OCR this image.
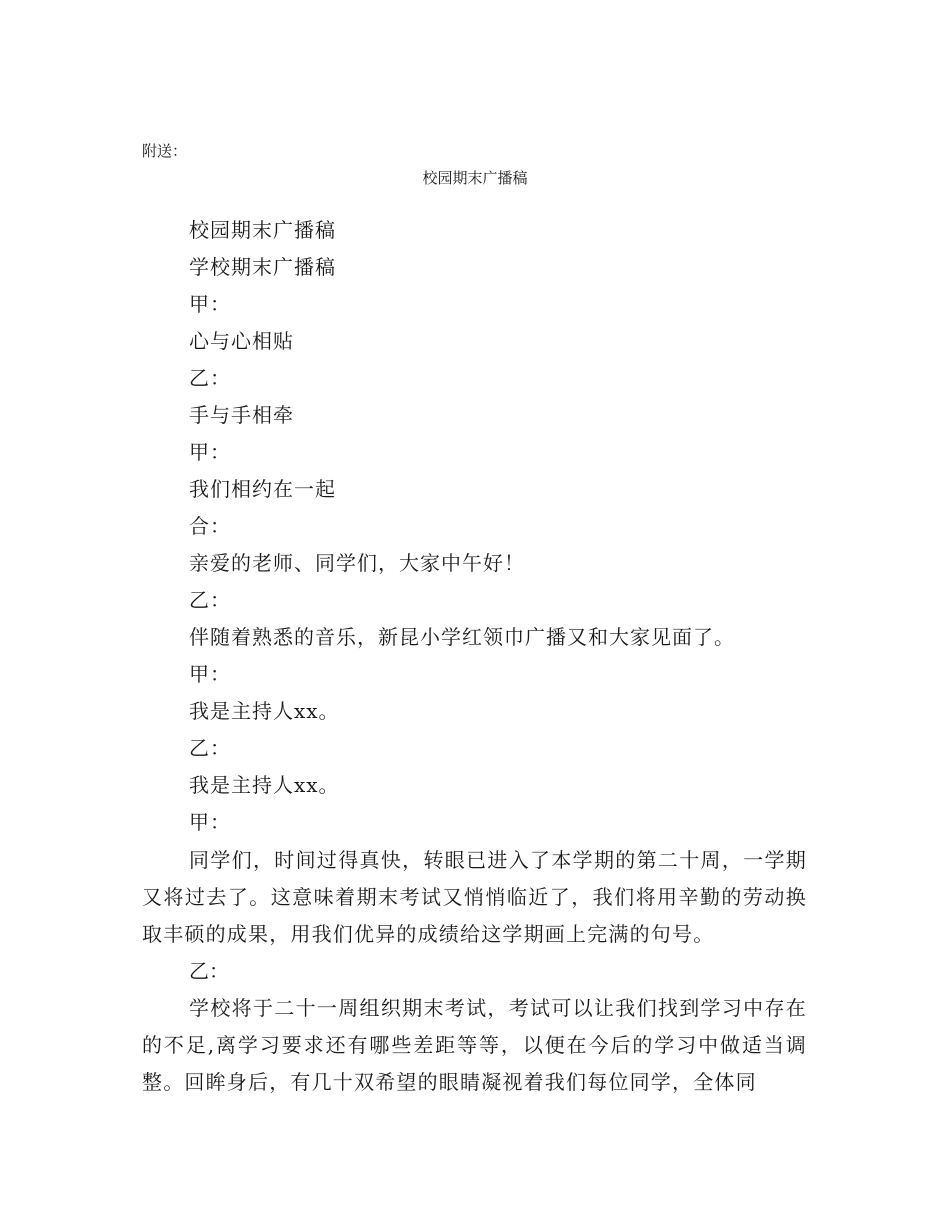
附送：
校园期末广播稿
校园期末广播稿
学校期末广播稿
甲：
心与心相贴
乙：
手与手相牵
甲：
我们相约在一起
合：
亲爱的老师、同学们，大家中午好！
乙：
伴随着熟悉的音乐，新昆小学红领巾广播又和大家见面了。
甲：
我是主持人xx。
乙：
我是主持人xx。
甲：

同学们，时间过得真快，转眼已进入了本学期的第二十周，一学期又将过去了。这意味着期末考试又悄悄临近了，我们将用辛勤的劳动换取丰硕的成果，用我们优异的成绩给这学期画上完满的句号。

乙：

学校将于二十一周组织期末考试，考试可以让我们找到学习中存在的不足,离学习要求还有哪些差距等等，以便在今后的学习中做适当调整。回眸身后，有几十双希望的眼睛凝视着我们每位同学，全体同
